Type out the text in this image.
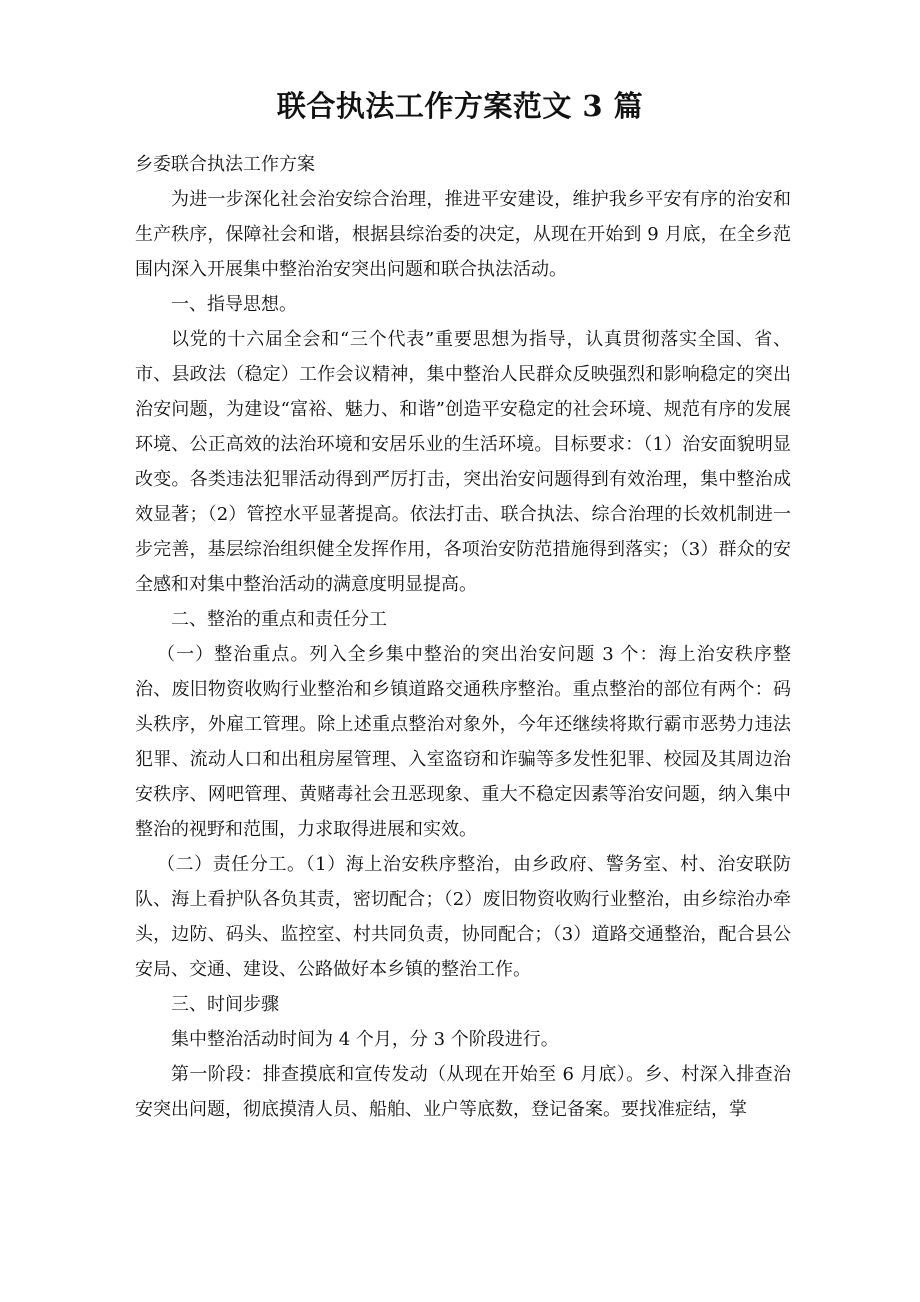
联合执法工作方案范文 3 篇

乡委联合执法工作方案

为进一步深化社会治安综合治理，推进平安建设，维护我乡平安有序的治安和生产秩序，保障社会和谐，根据县综治委的决定，从现在开始到 9 月底，在全乡范围内深入开展集中整治治安突出问题和联合执法活动。

一、指导思想。

以党的十六届全会和“三个代表”重要思想为指导，认真贯彻落实全国、省、市、县政法（稳定）工作会议精神，集中整治人民群众反映强烈和影响稳定的突出治安问题，为建设“富裕、魅力、和谐”创造平安稳定的社会环境、规范有序的发展环境、公正高效的法治环境和安居乐业的生活环境。目标要求：（1）治安面貌明显改变。各类违法犯罪活动得到严厉打击，突出治安问题得到有效治理，集中整治成效显著；（2）管控水平显著提高。依法打击、联合执法、综合治理的长效机制进一步完善，基层综治组织健全发挥作用，各项治安防范措施得到落实；（3）群众的安全感和对集中整治活动的满意度明显提高。

二、整治的重点和责任分工

（一）整治重点。列入全乡集中整治的突出治安问题 3 个：海上治安秩序整治、废旧物资收购行业整治和乡镇道路交通秩序整治。重点整治的部位有两个：码头秩序，外雇工管理。除上述重点整治对象外，今年还继续将欺行霸市恶势力违法犯罪、流动人口和出租房屋管理、入室盗窃和诈骗等多发性犯罪、校园及其周边治安秩序、网吧管理、黄赌毒社会丑恶现象、重大不稳定因素等治安问题，纳入集中整治的视野和范围，力求取得进展和实效。

（二）责任分工。（1）海上治安秩序整治，由乡政府、警务室、村、治安联防队、海上看护队各负其责，密切配合；（2）废旧物资收购行业整治，由乡综治办牵头，边防、码头、监控室、村共同负责，协同配合；（3）道路交通整治，配合县公安局、交通、建设、公路做好本乡镇的整治工作。

三、时间步骤

集中整治活动时间为 4 个月，分 3 个阶段进行。

第一阶段：排查摸底和宣传发动（从现在开始至 6 月底）。乡、村深入排查治 安突出问题，彻底摸清人员、船舶、业户等底数，登记备案。要找准症结，掌
